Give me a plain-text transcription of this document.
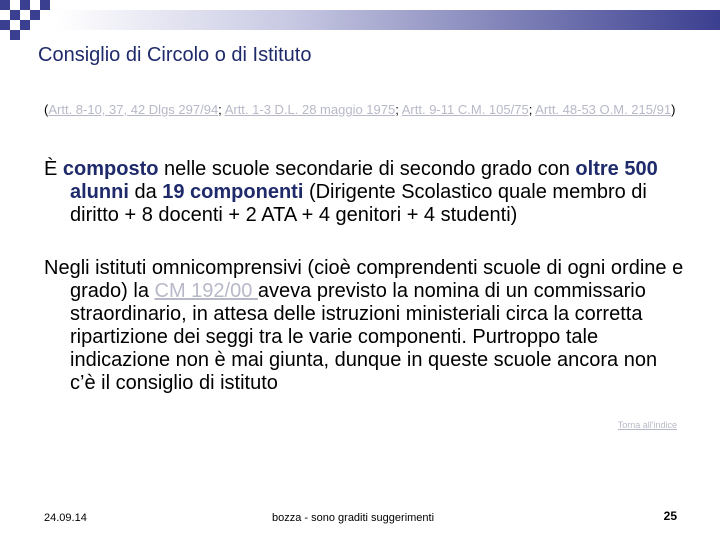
Consiglio di Circolo o di Istituto
(Artt. 8-10, 37, 42 Dlgs 297/94; Artt. 1-3 D.L. 28 maggio 1975; Artt. 9-11 C.M. 105/75; Artt. 48-53 O.M. 215/91)
È composto nelle scuole secondarie di secondo grado con oltre 500 alunni da 19 componenti (Dirigente Scolastico quale membro di diritto + 8 docenti + 2 ATA + 4 genitori + 4 studenti)
Negli istituti omnicomprensivi (cioè comprendenti scuole di ogni ordine e grado) la CM 192/00 aveva previsto la nomina di un commissario straordinario, in attesa delle istruzioni ministeriali circa la corretta ripartizione dei seggi tra le varie componenti. Purtroppo tale indicazione non è mai giunta, dunque in queste scuole ancora non c’è il consiglio di istituto
Torna all'indice
24.09.14	bozza - sono graditi suggerimenti	25
